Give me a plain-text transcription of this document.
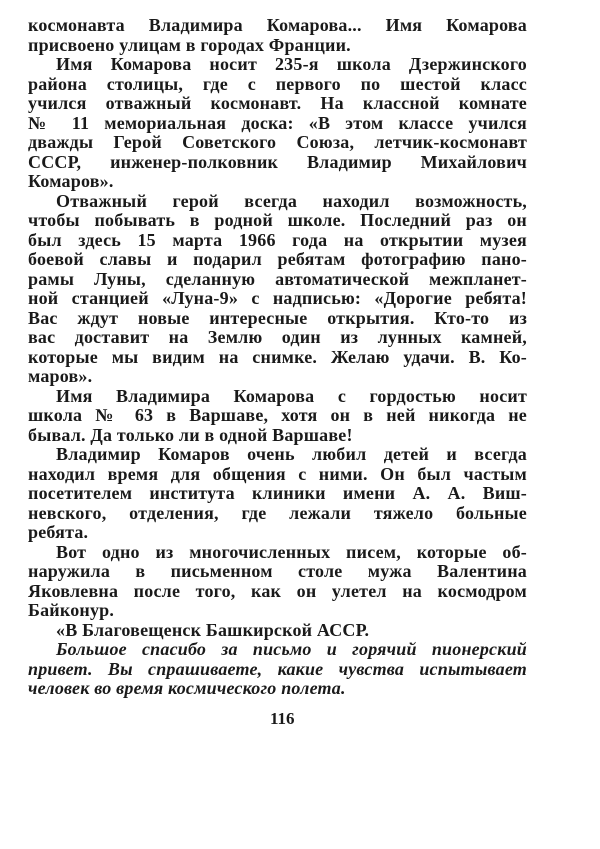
космонавта Владимира Комарова... Имя Комарова
присвоено улицам в городах Франции.
Имя Комарова носит 235-я школа Дзержинского
района столицы, где с первого по шестой класс
учился отважный космонавт. На классной комнате
№ 11 мемориальная доска: «В этом классе учился
дважды Герой Советского Союза, летчик-космонавт
СССР, инженер-полковник Владимир Михайлович
Комаров».
Отважный герой всегда находил возможность,
чтобы побывать в родной школе. Последний раз он
был здесь 15 марта 1966 года на открытии музея
боевой славы и подарил ребятам фотографию пано-
рамы Луны, сделанную автоматической межпланет-
ной станцией «Луна-9» с надписью: «Дорогие ребята!
Вас ждут новые интересные открытия. Кто-то из
вас доставит на Землю один из лунных камней,
которые мы видим на снимке. Желаю удачи. В. Ко-
маров».
Имя Владимира Комарова с гордостью носит
школа № 63 в Варшаве, хотя он в ней никогда не
бывал. Да только ли в одной Варшаве!
Владимир Комаров очень любил детей и всегда
находил время для общения с ними. Он был частым
посетителем института клиники имени А. А. Виш-
невского, отделения, где лежали тяжело больные
ребята.
Вот одно из многочисленных писем, которые об-
наружила в письменном столе мужа Валентина
Яковлевна после того, как он улетел на космодром
Байконур.
«В Благовещенск Башкирской АССР.
Большое спасибо за письмо и горячий пионерский
привет. Вы спрашиваете, какие чувства испытывает
человек во время космического полета.
116
